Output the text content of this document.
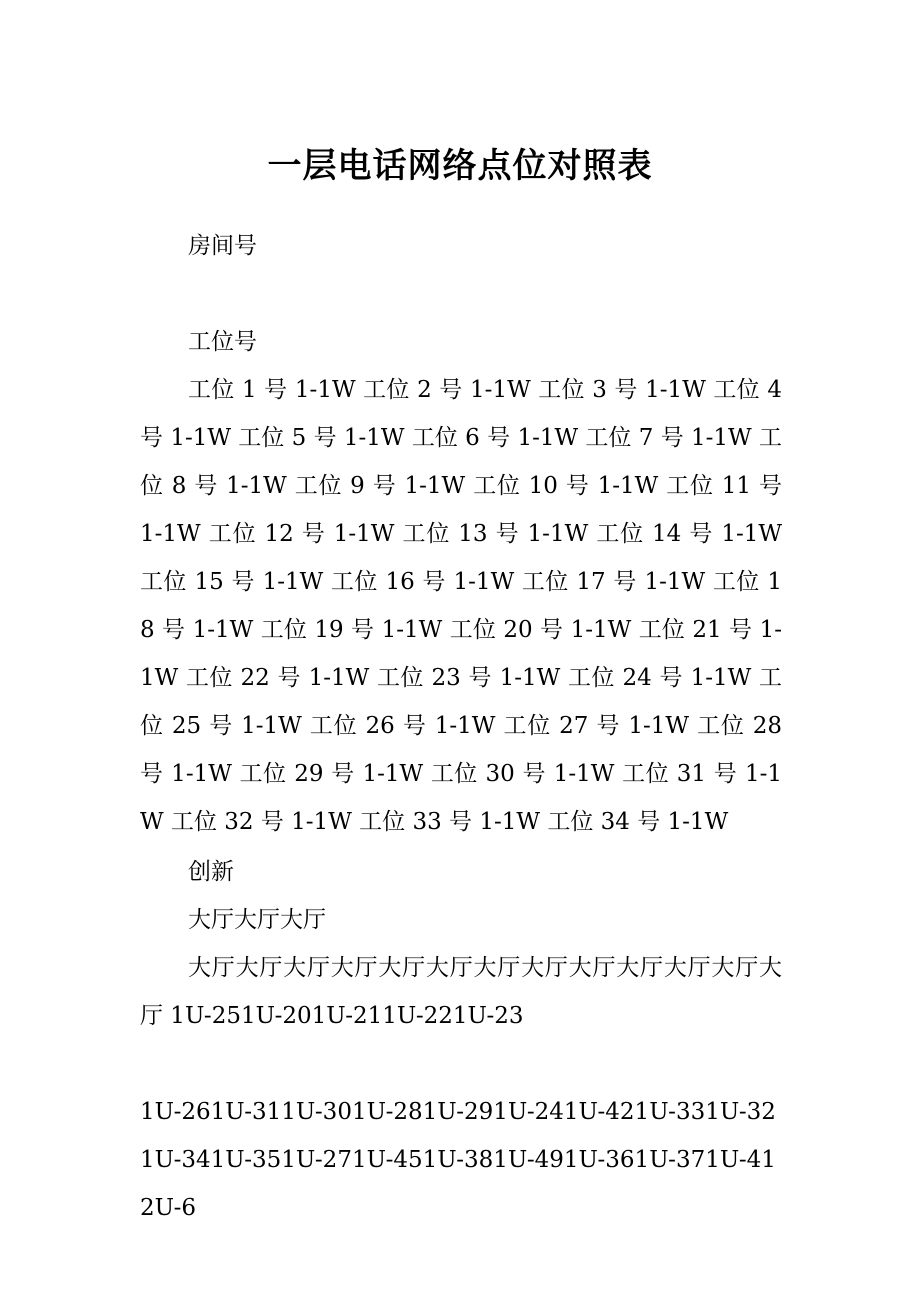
一层电话网络点位对照表

房间号

工位号

工位 1 号 1-1W 工位 2 号 1-1W 工位 3 号 1-1W 工位 4 号 1-1W 工位 5 号 1-1W 工位 6 号 1-1W 工位 7 号 1-1W 工位 8 号 1-1W 工位 9 号 1-1W 工位 10 号 1-1W 工位 11 号 1-1W 工位 12 号 1-1W 工位 13 号 1-1W 工位 14 号 1-1W 工位 15 号 1-1W 工位 16 号 1-1W 工位 17 号 1-1W 工位 18 号 1-1W 工位 19 号 1-1W 工位 20 号 1-1W 工位 21 号 1-1W 工位 22 号 1-1W 工位 23 号 1-1W 工位 24 号 1-1W 工位 25 号 1-1W 工位 26 号 1-1W 工位 27 号 1-1W 工位 28 号 1-1W 工位 29 号 1-1W 工位 30 号 1-1W 工位 31 号 1-1W 工位 32 号 1-1W 工位 33 号 1-1W 工位 34 号 1-1W

创新

大厅大厅大厅

大厅大厅大厅大厅大厅大厅大厅大厅大厅大厅大厅大厅大厅 1U-251U-201U-211U-221U-23

1U-261U-311U-301U-281U-291U-241U-421U-331U-321U-341U-351U-271U-451U-381U-491U-361U-371U-412U-6
